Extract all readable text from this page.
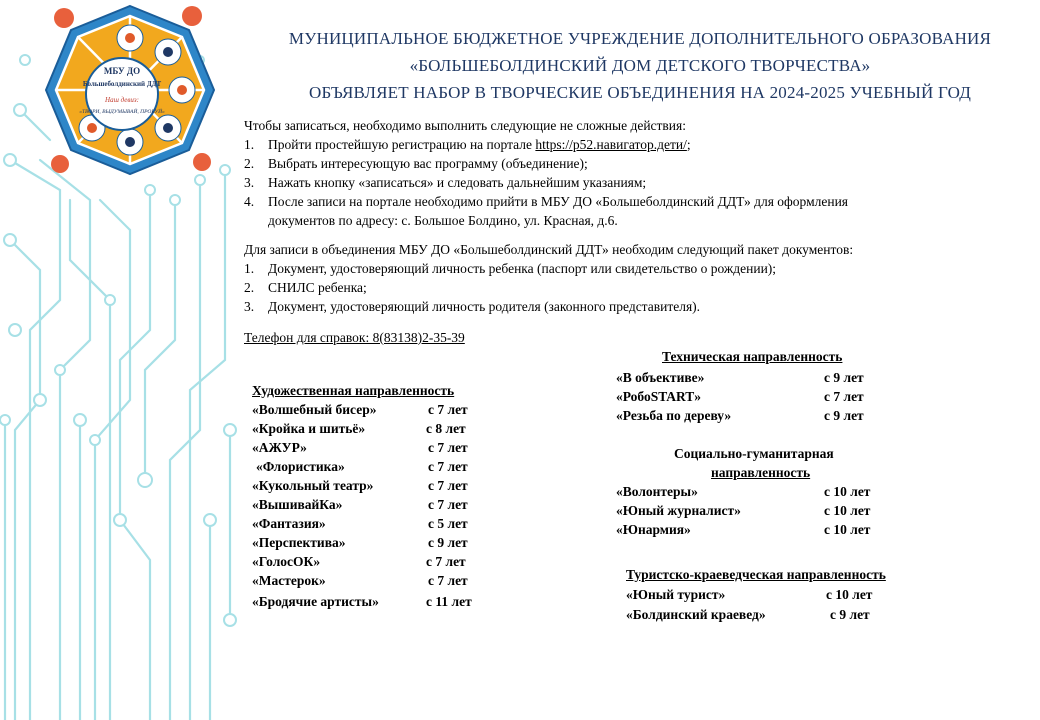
МБУ ДО
Большеболдинский ДДТ
Наш девиз:
«ТВОРИ, ВЫДУМЫВАЙ, ПРОБУЙ»
МУНИЦИПАЛЬНОЕ БЮДЖЕТНОЕ УЧРЕЖДЕНИЕ ДОПОЛНИТЕЛЬНОГО ОБРАЗОВАНИЯ
«БОЛЬШЕБОЛДИНСКИЙ ДОМ ДЕТСКОГО ТВОРЧЕСТВА»
ОБЪЯВЛЯЕТ НАБОР В ТВОРЧЕСКИЕ ОБЪЕДИНЕНИЯ НА 2024-2025 УЧЕБНЫЙ ГОД
Чтобы записаться, необходимо выполнить следующие не сложные действия:
1. Пройти простейшую регистрацию на портале https://p52.навигатор.дети/;
2. Выбрать интересующую вас программу (объединение);
3. Нажать кнопку «записаться» и следовать дальнейшим указаниям;
4. После записи на портале необходимо прийти в МБУ ДО «Большеболдинский ДДТ» для оформления
документов по адресу: с. Большое Болдино, ул. Красная, д.6.
Для записи в объединения МБУ ДО «Большеболдинский ДДТ» необходим следующий пакет документов:
1. Документ, удостоверяющий личность ребенка (паспорт или свидетельство о рождении);
2. СНИЛС ребенка;
3. Документ, удостоверяющий личность родителя (законного представителя).
Телефон для справок: 8(83138)2-35-39
Художественная направленность
«Волшебный бисер»	с 7 лет
«Кройка и шитьё»	с 8 лет
«АЖУР»	с 7 лет
«Флористика»	с 7 лет
«Кукольный театр»	с 7 лет
«ВышивайКа»	с 7 лет
«Фантазия»	с 5 лет
«Перспектива»	с 9 лет
«ГолосОК»	с 7 лет
«Мастерок»	с 7 лет
«Бродячие артисты»	с 11 лет
Техническая направленность
«В объективе»	с 9 лет
«РобоSTART»	с 7 лет
«Резьба по дереву»	с 9 лет
Социально-гуманитарная
направленность
«Волонтеры»	с 10 лет
«Юный журналист»	с 10 лет
«Юнармия»	с 10 лет
Туристско-краеведческая направленность
«Юный турист»	с 10 лет
«Болдинский краевед»	с 9 лет
